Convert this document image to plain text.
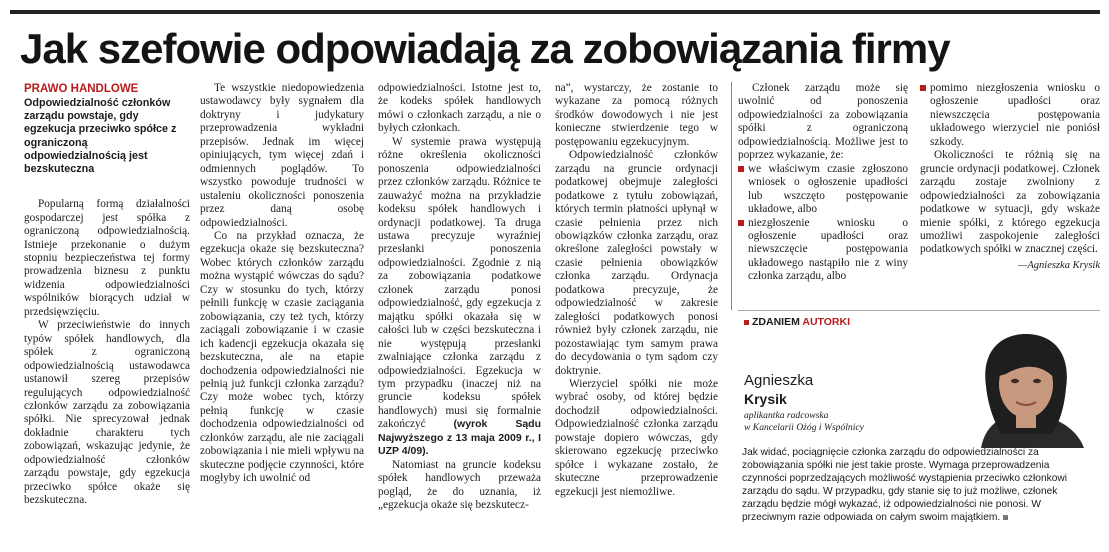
Jak szefowie odpowiadają za zobowiązania firmy
PRAWO HANDLOWE
Odpowiedzialność członków zarządu powstaje, gdy egzekucja przeciwko spółce z ograniczoną odpowiedzialnością jest bezskuteczna

Popularną formą działalności gospodarczej jest spółka z ograniczoną odpowiedzialnością. Istnieje przekonanie o dużym stopniu bezpieczeństwa tej formy prowadzenia biznesu z punktu widzenia odpowiedzialności wspólników biorących udział w przedsięwzięciu.

W przeciwieństwie do innych typów spółek handlowych, dla spółek z ograniczoną odpowiedzialnością ustawodawca ustanowił szereg przepisów regulujących odpowiedzialność członków zarządu za zobowiązania spółki. Nie sprecyzował jednak dokładnie charakteru tych zobowiązań, wskazując jedynie, że odpowiedzialność członków zarządu powstaje, gdy egzekucja przeciwko spółce okaże się bezskuteczna.

Te wszystkie niedopowiedzenia ustawodawcy były sygnałem dla doktryny i judykatury przeprowadzenia wykładni przepisów. Jednak im więcej opiniujących, tym więcej zdań i odmiennych poglądów. To wszystko powoduje trudności w ustaleniu okoliczności ponoszenia przez daną osobę odpowiedzialności.

Co na przykład oznacza, że egzekucja okaże się bezskuteczna? Wobec których członków zarządu można wystąpić wówczas do sądu? Czy w stosunku do tych, którzy pełnili funkcję w czasie zaciągania zobowiązania, czy też tych, którzy zaciągali zobowiązanie i w czasie ich kadencji egzekucja okazała się bezskuteczna, ale na etapie dochodzenia odpowiedzialności nie pełnią już funkcji członka zarządu? Czy może wobec tych, którzy pełnią funkcję w czasie dochodzenia odpowiedzialności od członków zarządu, ale nie zaciągali zobowiązania i nie mieli wpływu na skuteczne podjęcie czynności, które mogłyby ich uwolnić od

odpowiedzialności. Istotne jest to, że kodeks spółek handlowych mówi o członkach zarządu, a nie o byłych członkach.

W systemie prawa występują różne określenia okoliczności ponoszenia odpowiedzialności przez członków zarządu. Różnice te zauważyć można na przykładzie kodeksu spółek handlowych i ordynacji podatkowej. Ta druga ustawa precyzuje wyraźniej przesłanki ponoszenia odpowiedzialności. Zgodnie z nią za zobowiązania podatkowe członek zarządu ponosi odpowiedzialność, gdy egzekucja z majątku spółki okazała się w całości lub w części bezskuteczna i nie występują przesłanki zwalniające członka zarządu z odpowiedzialności. Egzekucja w tym przypadku (inaczej niż na gruncie kodeksu spółek handlowych) musi się formalnie zakończyć	(wyrok Sądu Najwyższego z 13 maja 2009 r., I UZP 4/09).

Natomiast na gruncie kodeksu spółek handlowych przeważa pogląd, że do uznania, iż „egzekucja okaże się bezskutecz-

na”, wystarczy, że zostanie to wykazane za pomocą różnych środków dowodowych i nie jest konieczne stwierdzenie tego w postępowaniu egzekucyjnym.

Odpowiedzialność członków zarządu na gruncie ordynacji podatkowej obejmuje zaległości podatkowe z tytułu zobowiązań, których termin płatności upłynął w czasie pełnienia przez nich obowiązków członka zarządu, oraz określone zaległości powstały w czasie pełnienia obowiązków członka zarządu. Ordynacja podatkowa precyzuje, że odpowiedzialność w zakresie zaległości podatkowych ponosi również były członek zarządu, nie pozostawiając tym samym prawa do decydowania o tym sądom czy doktrynie.

Wierzyciel spółki nie może wybrać osoby, od której będzie dochodził odpowiedzialności. Odpowiedzialność członka zarządu powstaje dopiero wówczas, gdy skierowano egzekucję przeciwko spółce i wykazane zostało, że skuteczne przeprowadzenie egzekucji jest niemożliwe.

Członek zarządu może się uwolnić od ponoszenia odpowiedzialności za zobowiązania spółki z ograniczoną odpowiedzialnością. Możliwe jest to poprzez wykazanie, że:

we właściwym czasie zgłoszono wniosek o ogłoszenie upadłości lub wszczęto postępowanie układowe, albo
niezgłoszenie wniosku o ogłoszenie upadłości oraz niewszczęcie postępowania układowego nastąpiło nie z winy członka zarządu, albo
pomimo niezgłoszenia wniosku o ogłoszenie upadłości oraz niewszczęcia postępowania układowego wierzyciel nie poniósł szkody.

Okoliczności te różnią się na gruncie ordynacji podatkowej. Członek zarządu zostaje zwolniony z odpowiedzialności za zobowiązania podatkowe w sytuacji, gdy wskaże mienie spółki, z którego egzekucja umożliwi zaspokojenie zaległości podatkowych spółki w znacznej części.

—Agnieszka Krysik
ZDANIEM AUTORKI
Agnieszka
Krysik
aplikantka radcowska
w Kancelarii Ożóg i Wspólnicy
Jak widać, pociągnięcie członka zarządu do odpowiedzialności za zobowiązania spółki nie jest takie proste. Wymaga przeprowadzenia czynności poprzedzających możliwość wystąpienia przeciwko członkowi zarządu do sądu. W przypadku, gdy stanie się to już możliwe, członek zarządu będzie mógł wykazać, iż odpowiedzialności nie ponosi. W przeciwnym razie odpowiada on całym swoim majątkiem.
